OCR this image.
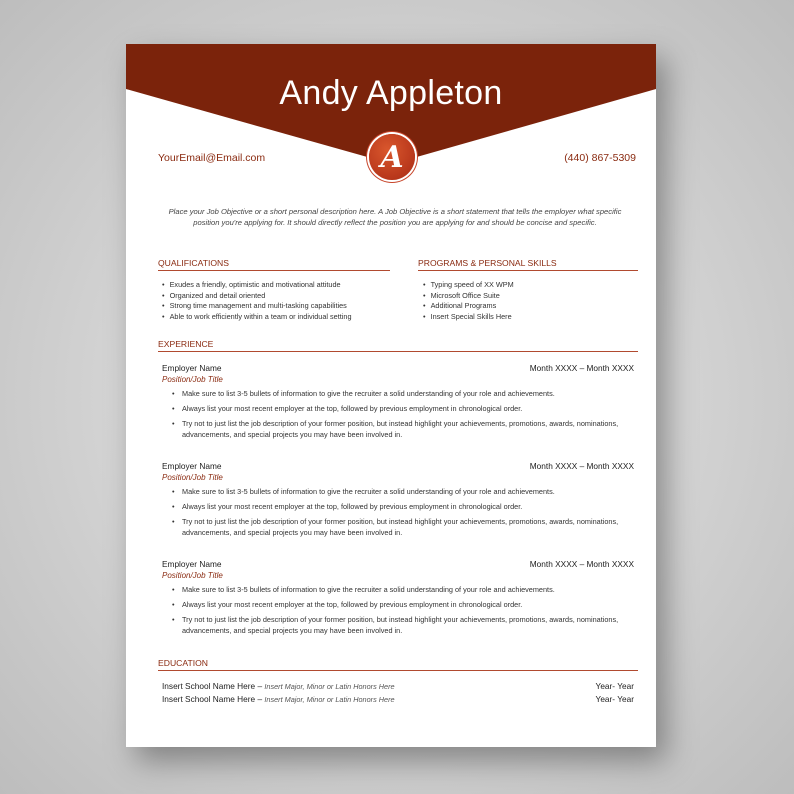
Andy Appleton
A
YourEmail@Email.com	(440) 867-5309
Place your Job Objective or a short personal description here. A Job Objective is a short statement that tells the employer what specific position you're applying for. It should directly reflect the position you are applying for and should be concise and specific.
QUALIFICATIONS
• Exudes a friendly, optimistic and motivational attitude
• Organized and detail oriented
• Strong time management and multi-tasking capabilities
• Able to work efficiently within a team or individual setting
PROGRAMS & PERSONAL SKILLS
• Typing speed of XX WPM
• Microsoft Office Suite
• Additional Programs
• Insert Special Skills Here
EXPERIENCE
Employer Name	Month XXXX – Month XXXX
Position/Job Title
• Make sure to list 3-5 bullets of information to give the recruiter a solid understanding of your role and achievements.
• Always list your most recent employer at the top, followed by previous employment in chronological order.
• Try not to just list the job description of your former position, but instead highlight your achievements, promotions, awards, nominations, advancements, and special projects you may have been involved in.
Employer Name	Month XXXX – Month XXXX
Position/Job Title
• Make sure to list 3-5 bullets of information to give the recruiter a solid understanding of your role and achievements.
• Always list your most recent employer at the top, followed by previous employment in chronological order.
• Try not to just list the job description of your former position, but instead highlight your achievements, promotions, awards, nominations, advancements, and special projects you may have been involved in.
Employer Name	Month XXXX – Month XXXX
Position/Job Title
• Make sure to list 3-5 bullets of information to give the recruiter a solid understanding of your role and achievements.
• Always list your most recent employer at the top, followed by previous employment in chronological order.
• Try not to just list the job description of your former position, but instead highlight your achievements, promotions, awards, nominations, advancements, and special projects you may have been involved in.
EDUCATION
Insert School Name Here – Insert Major, Minor or Latin Honors Here	Year- Year
Insert School Name Here – Insert Major, Minor or Latin Honors Here	Year- Year
